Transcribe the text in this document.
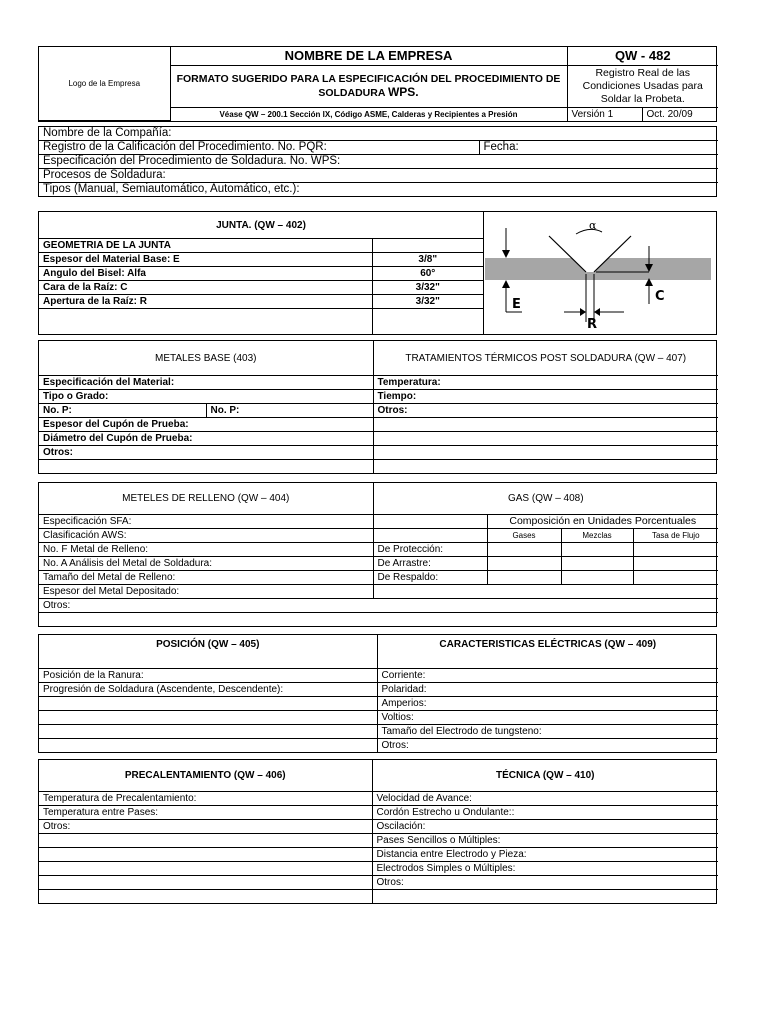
Logo de la Empresa	NOMBRE DE LA EMPRESA	QW - 482	
	FORMATO SUGERIDO PARA LA ESPECIFICACIÓN DEL PROCEDIMIENTO DE
SOLDADURA WPS.	Registro Real de las Condiciones Usadas para Soldar la Probeta.	
	Véase QW – 200.1 Sección IX, Código ASME, Calderas y Recipientes a Presión	Versión 1	Oct. 20/09
Nombre de la Compañía:
Registro de la Calificación del Procedimiento. No. PQR:	Fecha:
Especificación del Procedimiento de Soldadura. No. WPS:
Procesos de Soldadura:
Tipos (Manual, Semiautomático, Automático, etc.):
JUNTA. (QW – 402)	
GEOMETRIA DE LA JUNTA	
Espesor del Material Base: E	3/8"
Angulo del Bisel: Alfa	60°
Cara de la Raíz: C	3/32"
Apertura de la Raíz: R	3/32"

α
E
C
R
METALES BASE (403)		TRATAMIENTOS TÉRMICOS POST SOLDADURA (QW – 407)
Especificación del Material:		Temperatura:
Tipo o Grado:		Tiempo:
No. P:	No. P:	Otros:
Espesor del Cupón de Prueba:		
Diámetro del Cupón de Prueba:		
Otros:		

METELES DE RELLENO (QW – 404)	GAS (QW – 408)			
Especificación SFA:		Composición en Unidades Porcentuales		
Clasificación AWS:		Gases	Mezclas	Tasa de Flujo
No. F Metal de Relleno:	De Protección:			
No. A Análisis del Metal de Soldadura:	De Arrastre:			
Tamaño del Metal de Relleno:	De Respaldo:			
Espesor del Metal Depositado:				
Otros:				

POSICIÓN (QW – 405)	CARACTERISTICAS ELÉCTRICAS (QW – 409)
Posición de la Ranura:	Corriente:
Progresión de Soldadura (Ascendente, Descendente):	Polaridad:
	Amperios:
	Voltios:
	Tamaño del Electrodo de tungsteno:
	Otros:
PRECALENTAMIENTO (QW – 406)	TÉCNICA (QW – 410)
Temperatura de Precalentamiento:	Velocidad de Avance:
Temperatura entre Pases:	Cordón Estrecho u Ondulante::
Otros:	Oscilación:
	Pases Sencillos o Múltiples:
	Distancia entre Electrodo y Pieza:
	Electrodos Simples o Múltiples:
	Otros:
